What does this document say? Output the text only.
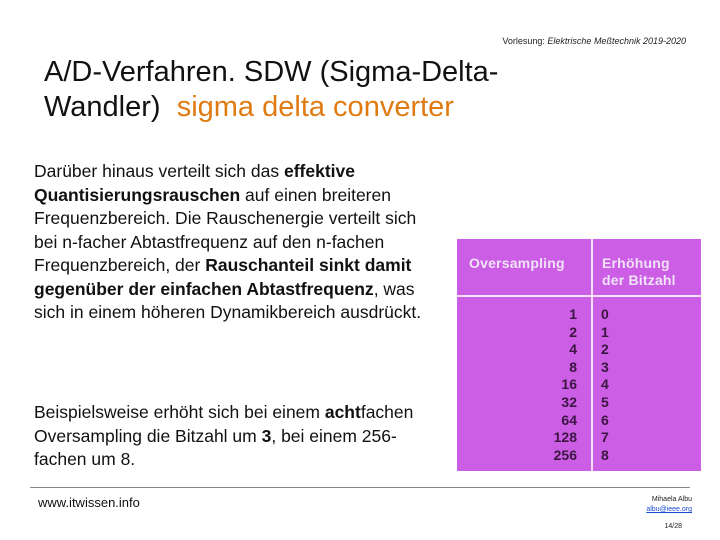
Vorlesung: Elektrische Meßtechnik 2019-2020
A/D-Verfahren. SDW (Sigma-Delta-Wandler) sigma delta converter
Darüber hinaus verteilt sich das effektive Quantisierungsrauschen auf einen breiteren Frequenzbereich. Die Rauschenergie verteilt sich bei n-facher Abtastfrequenz auf den n-fachen Frequenzbereich, der Rauschanteil sinkt damit gegenüber der einfachen Abtastfrequenz, was sich in einem höheren Dynamikbereich ausdrückt.
Beispielsweise erhöht sich bei einem achtfachen Oversampling die Bitzahl um 3, bei einem 256-fachen um 8.
Oversampling	Erhöhung
der Bitzahl
1
2
4
8
16
32
64
128
256
0
1
2
3
4
5
6
7
8
www.itwissen.info	Mihaela Albu
albu@ieee.org
14/28
